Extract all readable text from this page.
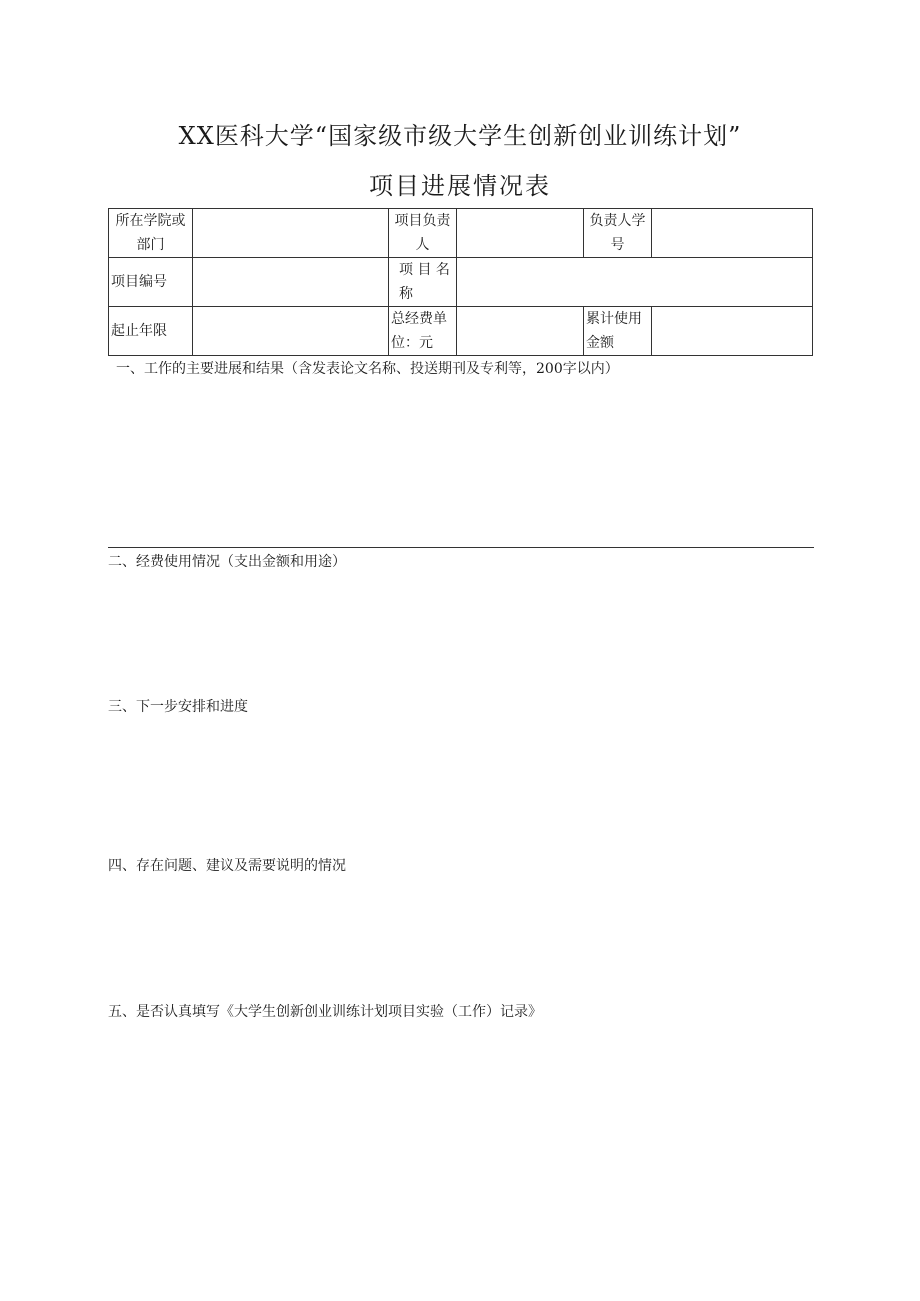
XX医科大学“国家级市级大学生创新创业训练计划”
项目进展情况表
所在学院或部门		项目负责人		负责人学号	
项目编号		项 目 名 称			
起止年限		总经费单位：元		累计使用金额	
一、工作的主要进展和结果（含发表论文名称、投送期刊及专利等，200字以内）
二、经费使用情况（支出金额和用途）
三、下一步安排和进度
四、存在问题、建议及需要说明的情况
五、是否认真填写《大学生创新创业训练计划项目实验（工作）记录》
